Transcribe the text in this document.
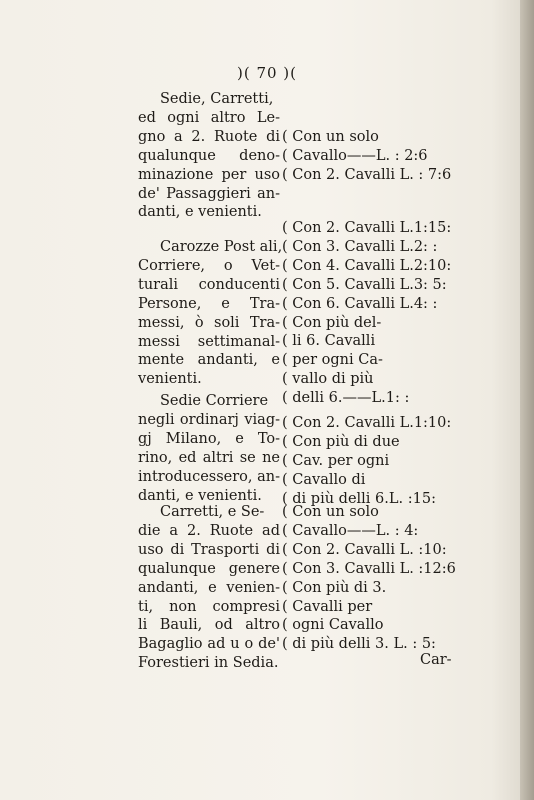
)( 70 )(
Sedie, Carretti,
ed ogni altro Le-
gno a 2. Ruote di
qualunque deno-
minazione per uso
de' Passaggieri an-
danti, e venienti.
Carozze Post ali,
Corriere, o Vet-
turali conducenti
Persone, e Tra-
messi, ò soli Tra-
messi settimanal-
mente andanti, e
venienti.
Sedie Corriere
negli ordinarj viag-
gj Milano, e To-
rino, ed altri se ne
introducessero, an-
danti, e venienti.
Carretti, e Se-
die a 2. Ruote ad
uso di Trasporti di
qualunque genere
andanti, e venien-
ti, non compresi
li Bauli, od altro
Bagaglio ad u o de'
Forestieri in Sedia.
( Con un solo
( Cavallo——L. : 2:6
( Con 2. Cavalli L. : 7:6
( Con 2. Cavalli L.1:15:
( Con 3. Cavalli L.2: :
( Con 4. Cavalli L.2:10:
( Con 5. Cavalli L.3: 5:
( Con 6. Cavalli L.4: :
( Con più del-
( li 6. Cavalli
( per ogni Ca-
( vallo di più
( delli 6.——L.1: :
( Con 2. Cavalli L.1:10:
( Con più di due
( Cav. per ogni
( Cavallo di
( di più delli 6.L. :15:
( Con un solo
( Cavallo——L. : 4:
( Con 2. Cavalli L. :10:
( Con 3. Cavalli L. :12:6
( Con più di 3.
( Cavalli per
( ogni Cavallo
( di più delli 3. L. : 5:
Car-
